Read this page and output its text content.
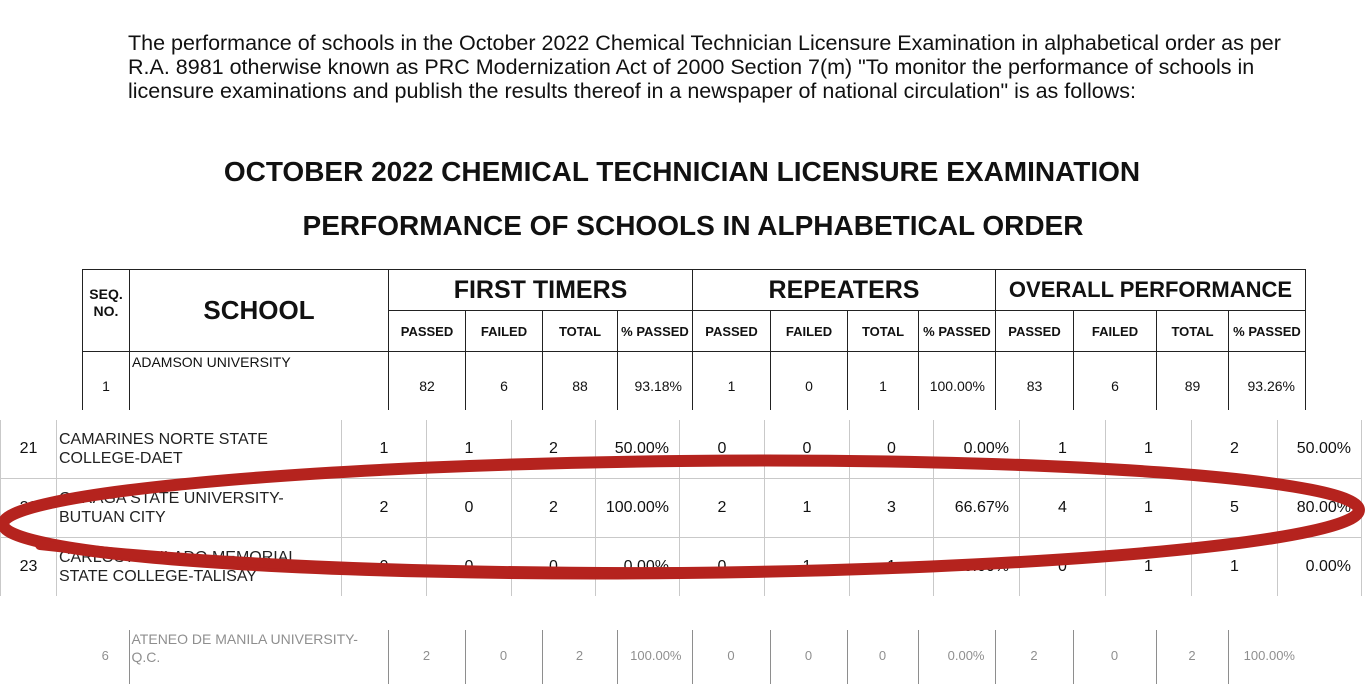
The performance of schools in the October 2022 Chemical Technician Licensure Examination in alphabetical order as per R.A. 8981 otherwise known as PRC Modernization Act of 2000 Section 7(m) "To monitor the performance of schools in licensure examinations and publish the results thereof in a newspaper of national circulation" is as follows:

OCTOBER 2022 CHEMICAL TECHNICIAN LICENSURE EXAMINATION
PERFORMANCE OF SCHOOLS IN ALPHABETICAL ORDER
SEQ.
NO.	SCHOOL	FIRST TIMERS				REPEATERS				OVERALL PERFORMANCE			
		PASSED	FAILED	TOTAL	% PASSED	PASSED	FAILED	TOTAL	% PASSED	PASSED	FAILED	TOTAL	% PASSED
1	ADAMSON UNIVERSITY	82	6	88	93.18%	1	0	1	100.00%	83	6	89	93.26%
21	CAMARINES NORTE STATE
COLLEGE-DAET	1	1	2	50.00%	0	0	0	0.00%	1	1	2	50.00%
22	CARAGA STATE UNIVERSITY-
BUTUAN CITY	2	0	2	100.00%	2	1	3	66.67%	4	1	5	80.00%
23	CARLOS A. HILADO MEMORIAL
STATE COLLEGE-TALISAY	0	0	0	0.00%	0	1	1	0.00%	0	1	1	0.00%
6	ATENEO DE MANILA UNIVERSITY-
Q.C.	2	0	2	100.00%	0	0	0	0.00%	2	0	2	100.00%
